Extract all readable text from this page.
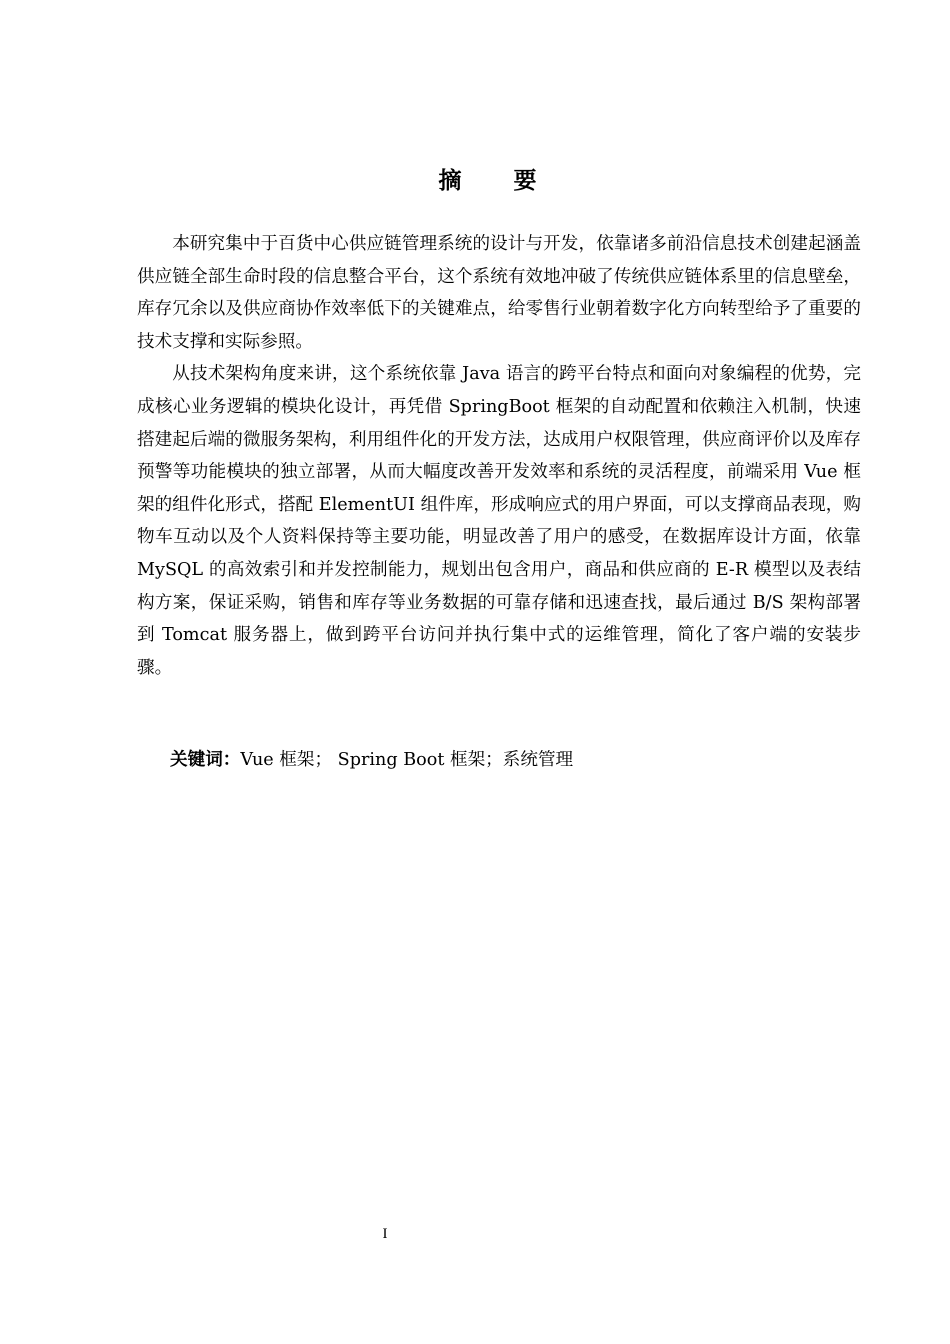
摘 要

本研究集中于百货中心供应链管理系统的设计与开发，依靠诸多前沿信息技术创建起涵盖供应链全部生命时段的信息整合平台，这个系统有效地冲破了传统供应链体系里的信息壁垒，库存冗余以及供应商协作效率低下的关键难点，给零售行业朝着数字化方向转型给予了重要的技术支撑和实际参照。

从技术架构角度来讲，这个系统依靠 Java 语言的跨平台特点和面向对象编程的优势，完成核心业务逻辑的模块化设计，再凭借 SpringBoot 框架的自动配置和依赖注入机制，快速搭建起后端的微服务架构，利用组件化的开发方法，达成用户权限管理，供应商评价以及库存预警等功能模块的独立部署，从而大幅度改善开发效率和系统的灵活程度，前端采用 Vue 框架的组件化形式，搭配 ElementUI 组件库，形成响应式的用户界面，可以支撑商品表现，购物车互动以及个人资料保持等主要功能，明显改善了用户的感受，在数据库设计方面，依靠 MySQL 的高效索引和并发控制能力，规划出包含用户，商品和供应商的 E-R 模型以及表结构方案，保证采购，销售和库存等业务数据的可靠存储和迅速查找，最后通过 B/S 架构部署到 Tomcat 服务器上，做到跨平台访问并执行集中式的运维管理，简化了客户端的安装步骤。

关键词：Vue 框架； Spring Boot 框架；系统管理
I
